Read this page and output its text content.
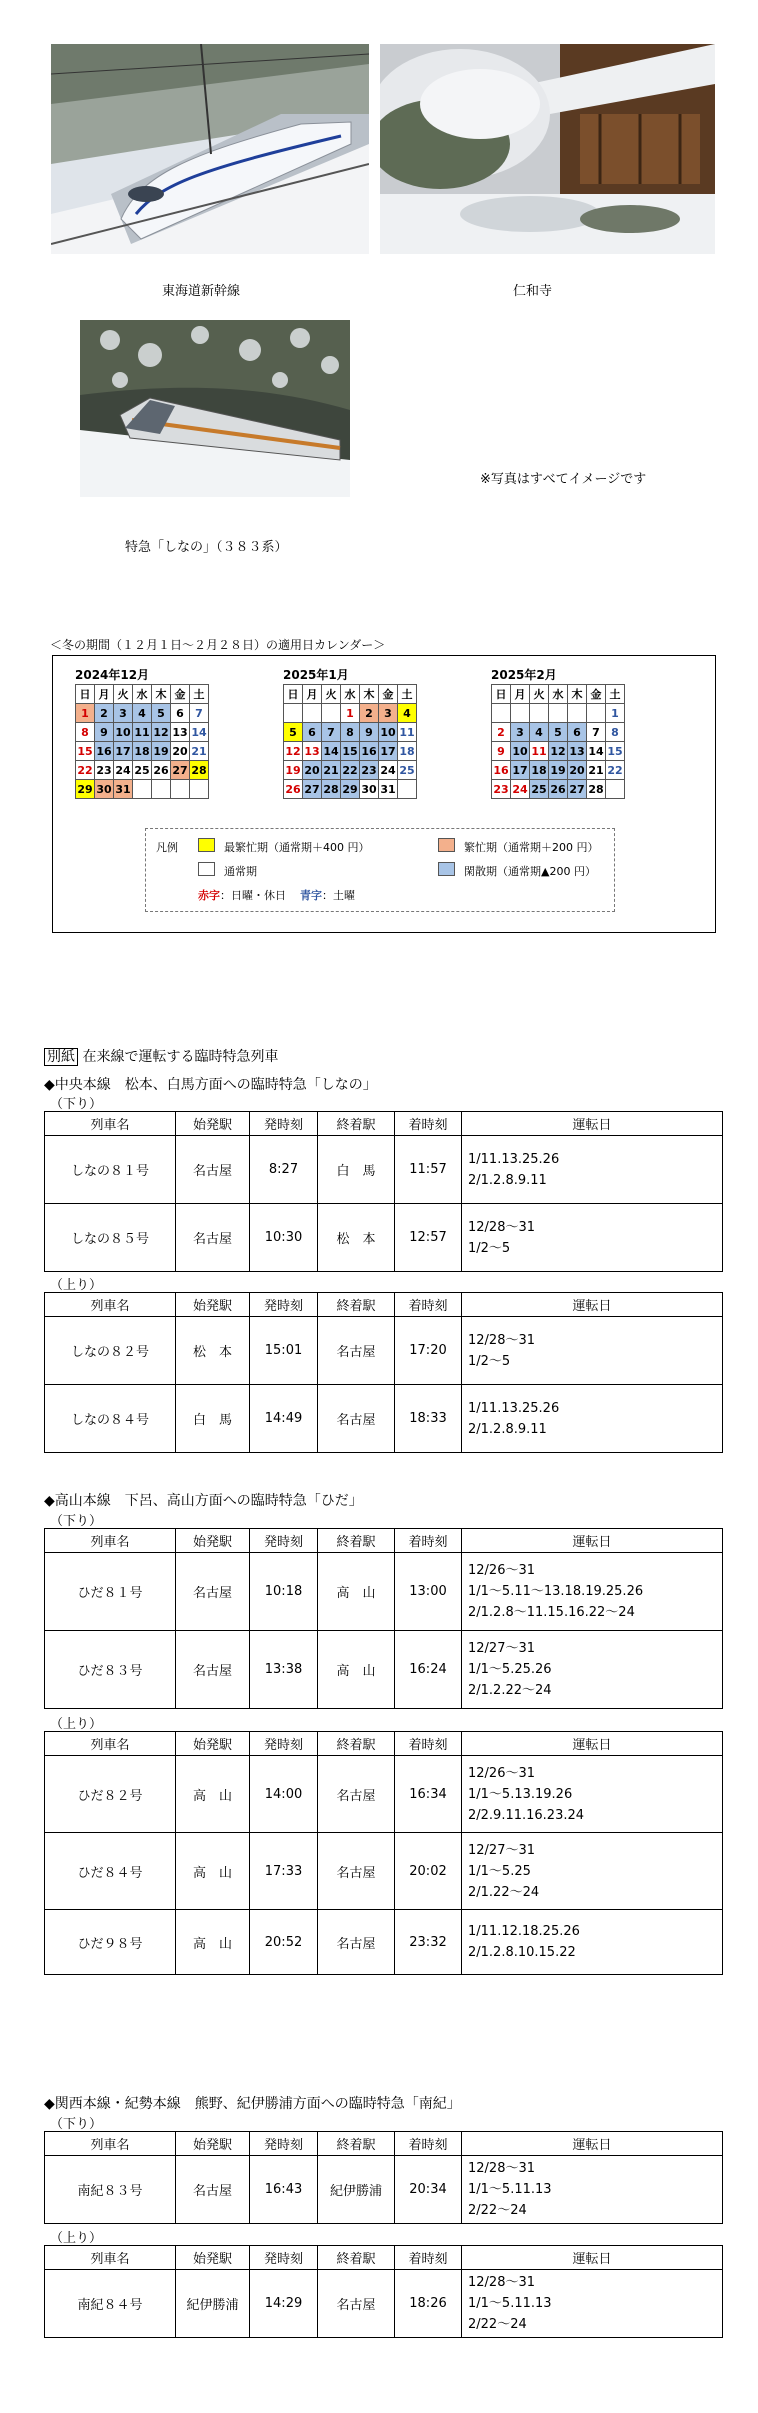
東海道新幹線	仁和寺
特急「しなの」（３８３系）
※写真はすべてイメージです
＜冬の期間（１２月１日～２月２８日）の適用日カレンダー＞
2024年12月
日	月	火	水	木	金	土
1	2	3	4	5	6	7
8	9	10	11	12	13	14
15	16	17	18	19	20	21
22	23	24	25	26	27	28
29	30	31				
2025年1月
日	月	火	水	木	金	土
			1	2	3	4
5	6	7	8	9	10	11
12	13	14	15	16	17	18
19	20	21	22	23	24	25
26	27	28	29	30	31	
2025年2月
日	月	火	水	木	金	土
						1
2	3	4	5	6	7	8
9	10	11	12	13	14	15
16	17	18	19	20	21	22
23	24	25	26	27	28	
凡例	最繁忙期（通常期＋400 円）	繁忙期（通常期＋200 円）
通常期	閑散期（通常期▲200 円）
赤字：日曜・休日 青字：土曜
別紙 在来線で運転する臨時特急列車
◆中央本線　松本、白馬方面への臨時特急「しなの」
（下り）
列車名	始発駅	発時刻	終着駅	着時刻	運転日
しなの８１号	名古屋	8:27	白　馬	11:57	1/11.13.25.26
2/1.2.8.9.11

しなの８５号	名古屋	10:30	松　本	12:57	12/28～31
1/2～5
（上り）
列車名	始発駅	発時刻	終着駅	着時刻	運転日
しなの８２号	松　本	15:01	名古屋	17:20	12/28～31
1/2～5

しなの８４号	白　馬	14:49	名古屋	18:33	1/11.13.25.26
2/1.2.8.9.11
◆高山本線　下呂、高山方面への臨時特急「ひだ」
（下り）
列車名	始発駅	発時刻	終着駅	着時刻	運転日
ひだ８１号	名古屋	10:18	高　山	13:00	12/26～31
1/1～5.11～13.18.19.25.26
2/1.2.8～11.15.16.22～24

ひだ８３号	名古屋	13:38	高　山	16:24	12/27～31
1/1～5.25.26
2/1.2.22～24
（上り）
列車名	始発駅	発時刻	終着駅	着時刻	運転日
ひだ８２号	高　山	14:00	名古屋	16:34	12/26～31
1/1～5.13.19.26
2/2.9.11.16.23.24

ひだ８４号	高　山	17:33	名古屋	20:02	12/27～31
1/1～5.25
2/1.22～24

ひだ９８号	高　山	20:52	名古屋	23:32	1/11.12.18.25.26
2/1.2.8.10.15.22
◆関西本線・紀勢本線　熊野、紀伊勝浦方面への臨時特急「南紀」
（下り）
列車名	始発駅	発時刻	終着駅	着時刻	運転日
南紀８３号	名古屋	16:43	紀伊勝浦	20:34	12/28～31
1/1～5.11.13
2/22～24
（上り）
列車名	始発駅	発時刻	終着駅	着時刻	運転日
南紀８４号	紀伊勝浦	14:29	名古屋	18:26	12/28～31
1/1～5.11.13
2/22～24
